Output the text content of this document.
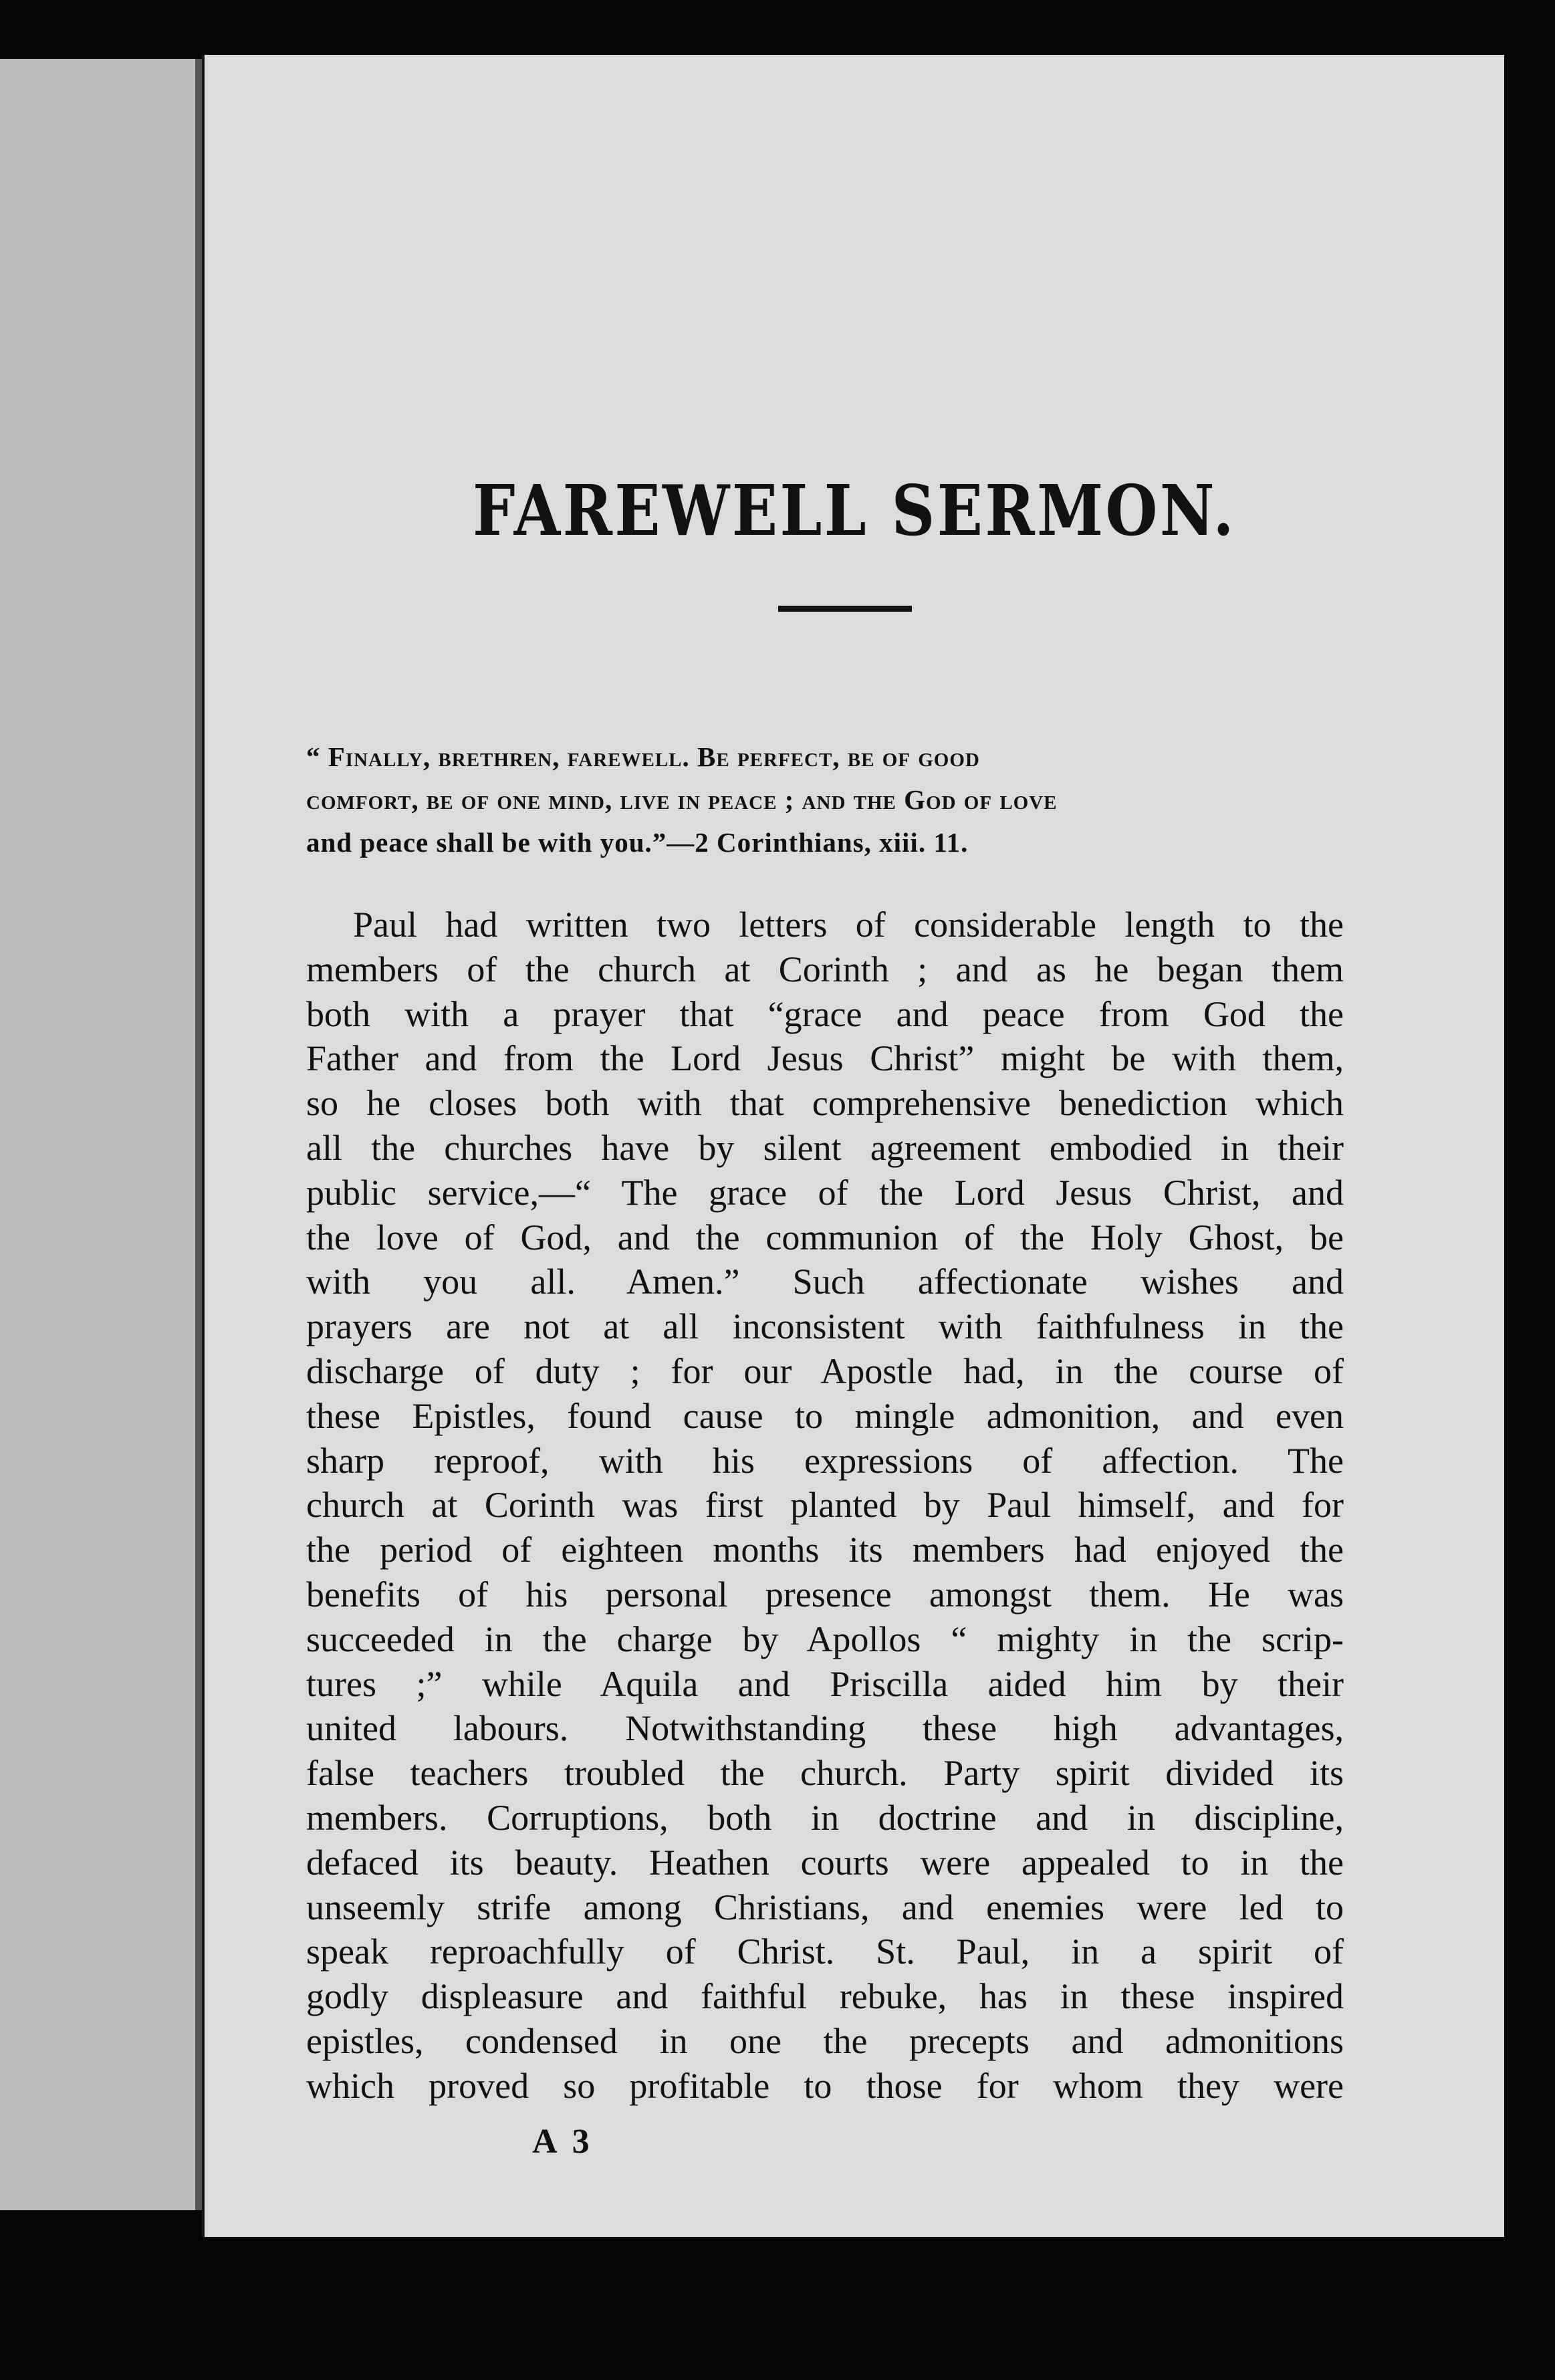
FAREWELL SERMON.
“ Finally, brethren, farewell. Be perfect, be of good
comfort, be of one mind, live in peace ; and the God of love
and peace shall be with you.”—2 Corinthians, xiii. 11.
Paul had written two letters of considerable length to the
members of the church at Corinth ; and as he began them
both with a prayer that “grace and peace from God the
Father and from the Lord Jesus Christ” might be with them,
so he closes both with that comprehensive benediction which
all the churches have by silent agreement embodied in their
public service,—“ The grace of the Lord Jesus Christ, and
the love of God, and the communion of the Holy Ghost, be
with you all. Amen.” Such affectionate wishes and
prayers are not at all inconsistent with faithfulness in the
discharge of duty ; for our Apostle had, in the course of
these Epistles, found cause to mingle admonition, and even
sharp reproof, with his expressions of affection. The
church at Corinth was first planted by Paul himself, and for
the period of eighteen months its members had enjoyed the
benefits of his personal presence amongst them. He was
succeeded in the charge by Apollos “ mighty in the scrip-
tures ;” while Aquila and Priscilla aided him by their
united labours. Notwithstanding these high advantages,
false teachers troubled the church. Party spirit divided its
members. Corruptions, both in doctrine and in discipline,
defaced its beauty. Heathen courts were appealed to in the
unseemly strife among Christians, and enemies were led to
speak reproachfully of Christ. St. Paul, in a spirit of
godly displeasure and faithful rebuke, has in these inspired
epistles, condensed in one the precepts and admonitions
which proved so profitable to those for whom they were
A 3
